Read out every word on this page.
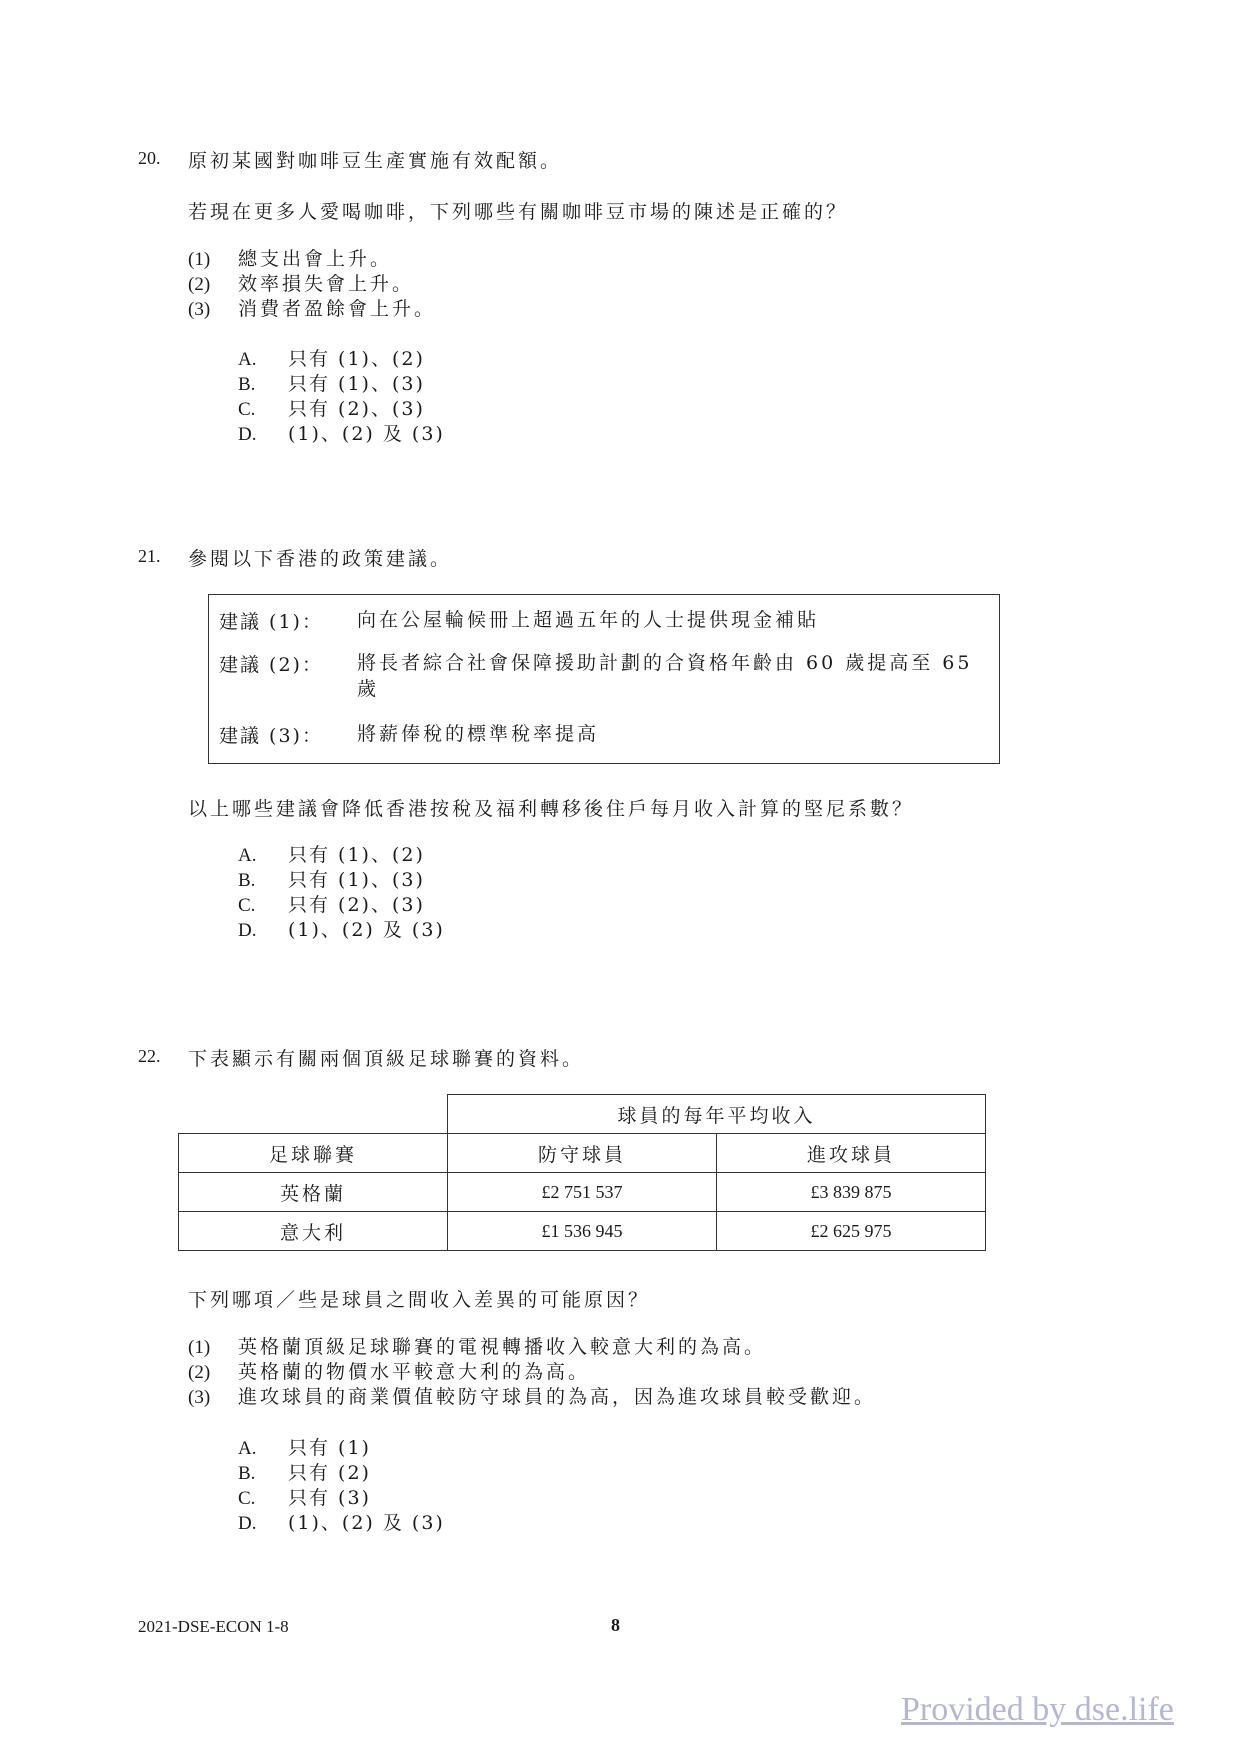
20. 原初某國對咖啡豆生產實施有效配額。
若現在更多人愛喝咖啡，下列哪些有關咖啡豆市場的陳述是正確的？
(1)	總支出會上升。
(2)	效率損失會上升。
(3)	消費者盈餘會上升。
A.	只有 (1)、(2)
B.	只有 (1)、(3)
C.	只有 (2)、(3)
D.	(1)、(2) 及 (3)
21. 參閱以下香港的政策建議。
建議 (1)： 向在公屋輪候冊上超過五年的人士提供現金補貼
建議 (2)： 將長者綜合社會保障援助計劃的合資格年齡由 60 歲提高至 65 歲
建議 (3)： 將薪俸稅的標準稅率提高
以上哪些建議會降低香港按稅及福利轉移後住戶每月收入計算的堅尼系數？
A.	只有 (1)、(2)
B.	只有 (1)、(3)
C.	只有 (2)、(3)
D.	(1)、(2) 及 (3)
22. 下表顯示有關兩個頂級足球聯賽的資料。
	球員的每年平均收入	
足球聯賽	防守球員	進攻球員
英格蘭	£2 751 537	£3 839 875
意大利	£1 536 945	£2 625 975
下列哪項／些是球員之間收入差異的可能原因？
(1)	英格蘭頂級足球聯賽的電視轉播收入較意大利的為高。
(2)	英格蘭的物價水平較意大利的為高。
(3)	進攻球員的商業價值較防守球員的為高，因為進攻球員較受歡迎。
A.	只有 (1)
B.	只有 (2)
C.	只有 (3)
D.	(1)、(2) 及 (3)
2021-DSE-ECON 1-8	8
Provided by dse.life
